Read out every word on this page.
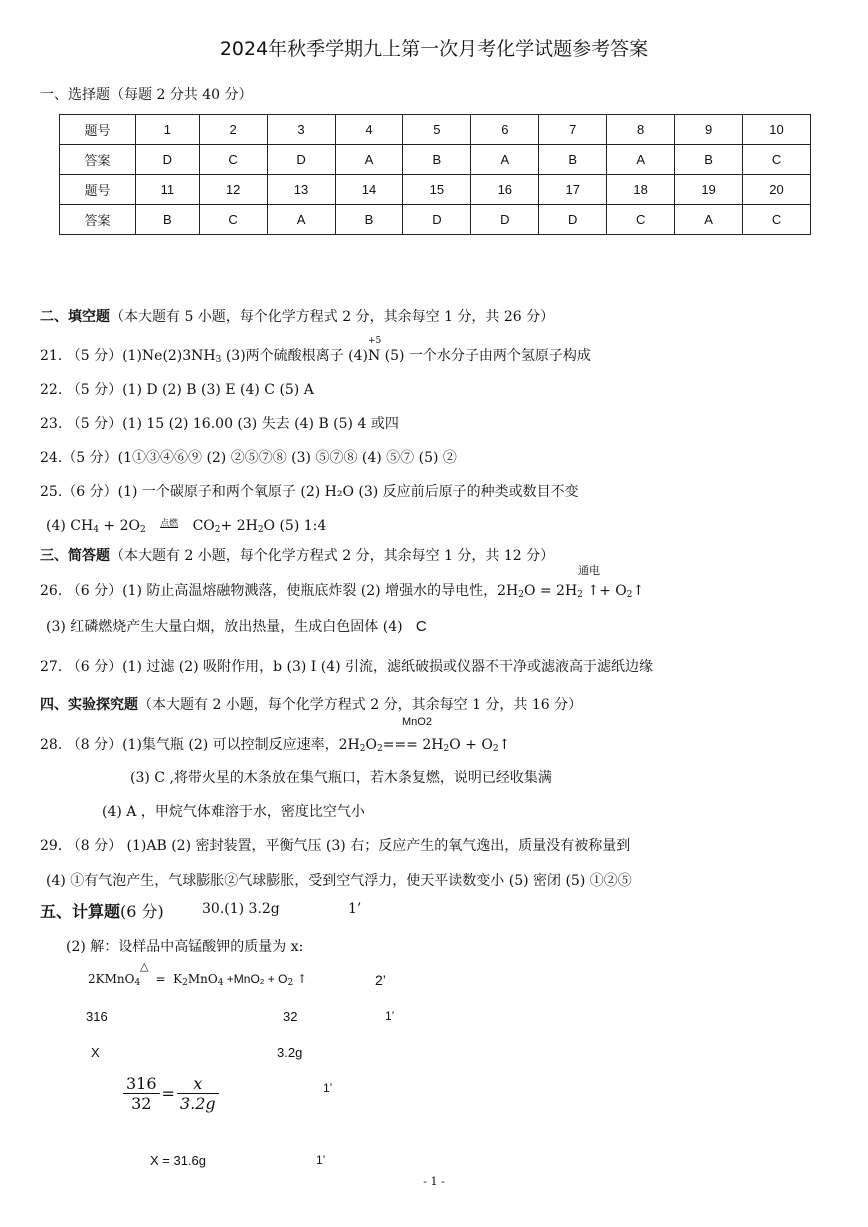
2024年秋季学期九上第一次月考化学试题参考答案
一、选择题（每题 2 分共 40 分）
题号	1	2	3	4	5	6	7	8	9	10
答案	D	C	D	A	B	A	B	A	B	C
题号	11	12	13	14	15	16	17	18	19	20
答案	B	C	A	B	D	D	D	C	A	C
二、填空题（本大题有 5 小题，每个化学方程式 2 分，其余每空 1 分，共 26 分）
21. （5 分）$(1)Ne(2)3NH_3$ (3)两个硫酸根离子 (4)
+5
N (5) 一个水分子由两个氢原子构成
22. （5 分）(1) D (2) B (3) E (4) C (5) A
23. （5 分）(1) 15 (2) 16.00 (3) 失去 (4) B (5) 4 或四
24.（5 分）(1①③④⑥⑨ (2) ②⑤⑦⑧ (3) ⑤⑦⑧ (4) ⑤⑦ (5) ②
25.（6 分）(1) 一个碳原子和两个氧原子 (2) H₂O (3) 反应前后原子的种类或数目不变
(4) $CH_4 + 2O_2$ 点燃 $CO_2+ 2H_2O$ (5) 1:4
三、简答题（本大题有 2 小题，每个化学方程式 2 分，其余每空 1 分，共 12 分）
通电
26. （6 分）(1) 防止高温熔融物溅落，使瓶底炸裂 (2) 增强水的导电性，$2H_2O = 2H_2$ ↑+ $O_2↑$
(3) 红磷燃烧产生大量白烟，放出热量，生成白色固体 (4) C
27. （6 分）(1) 过滤 (2) 吸附作用，b (3) I (4) 引流，滤纸破损或仪器不干净或滤液高于滤纸边缘
四、实验探究题（本大题有 2 小题，每个化学方程式 2 分，其余每空 1 分，共 16 分）
MnO2
28. （8 分）(1)集气瓶 (2) 可以控制反应速率，$2H_2O_2=== 2H_2O$ + $O_2↑$
(3) C ,将带火星的木条放在集气瓶口，若木条复燃，说明已经收集满
(4) A ，甲烷气体难溶于水，密度比空气小
29. （8 分） (1)AB (2) 密封装置，平衡气压 (3) 右；反应产生的氧气逸出，质量没有被称量到
(4) ①有气泡产生，气球膨胀②气球膨胀，受到空气浮力，使天平读数变小 (5) 密闭 (5) ①②⑤
五、计算题(6 分)	30.(1) 3.2g	1’
(2) 解：设样品中高锰酸钾的质量为 x:
△
2KMnO$_4$ = $K_2MnO_4 +MnO_2 + O_2$ ↑	2’
316	32	1’
X	3.2g
$\frac{316}{32} = \frac{x}{3.2g}$	1’
X = 31.6g	1’
- 1 -
